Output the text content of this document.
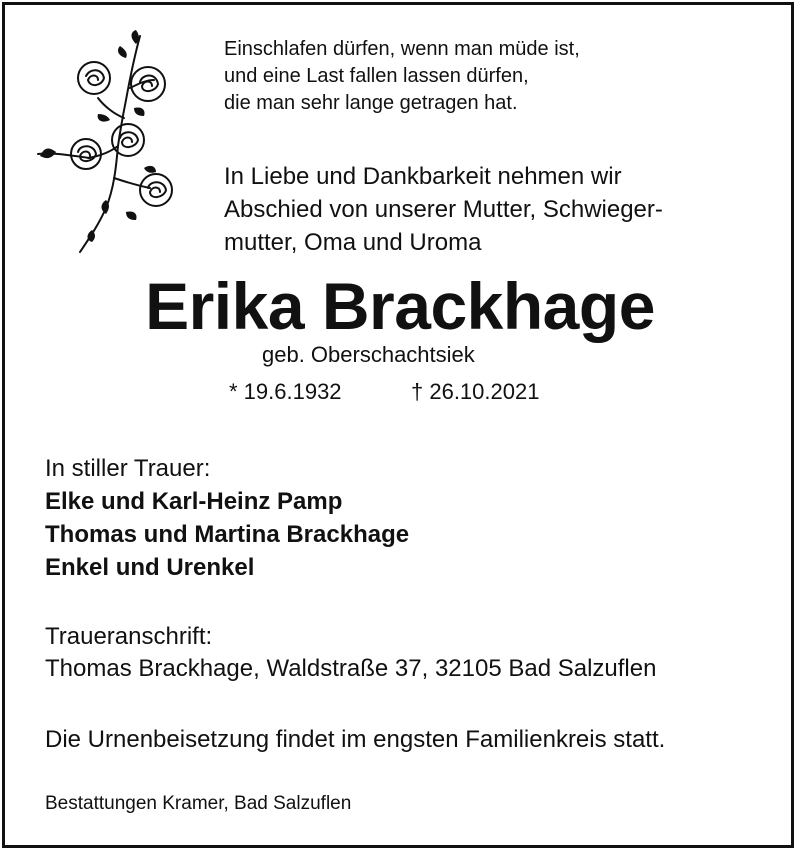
Einschlafen dürfen, wenn man müde ist,
und eine Last fallen lassen dürfen,
die man sehr lange getragen hat.
In Liebe und Dankbarkeit nehmen wir
Abschied von unserer Mutter, Schwieger-
mutter, Oma und Uroma
Erika Brackhage
geb. Oberschachtsiek
* 19.6.1932	† 26.10.2021
In stiller Trauer:
Elke und Karl-Heinz Pamp
Thomas und Martina Brackhage
Enkel und Urenkel
Traueranschrift:
Thomas Brackhage, Waldstraße 37, 32105 Bad Salzuflen
Die Urnenbeisetzung findet im engsten Familienkreis statt.
Bestattungen Kramer, Bad Salzuflen
